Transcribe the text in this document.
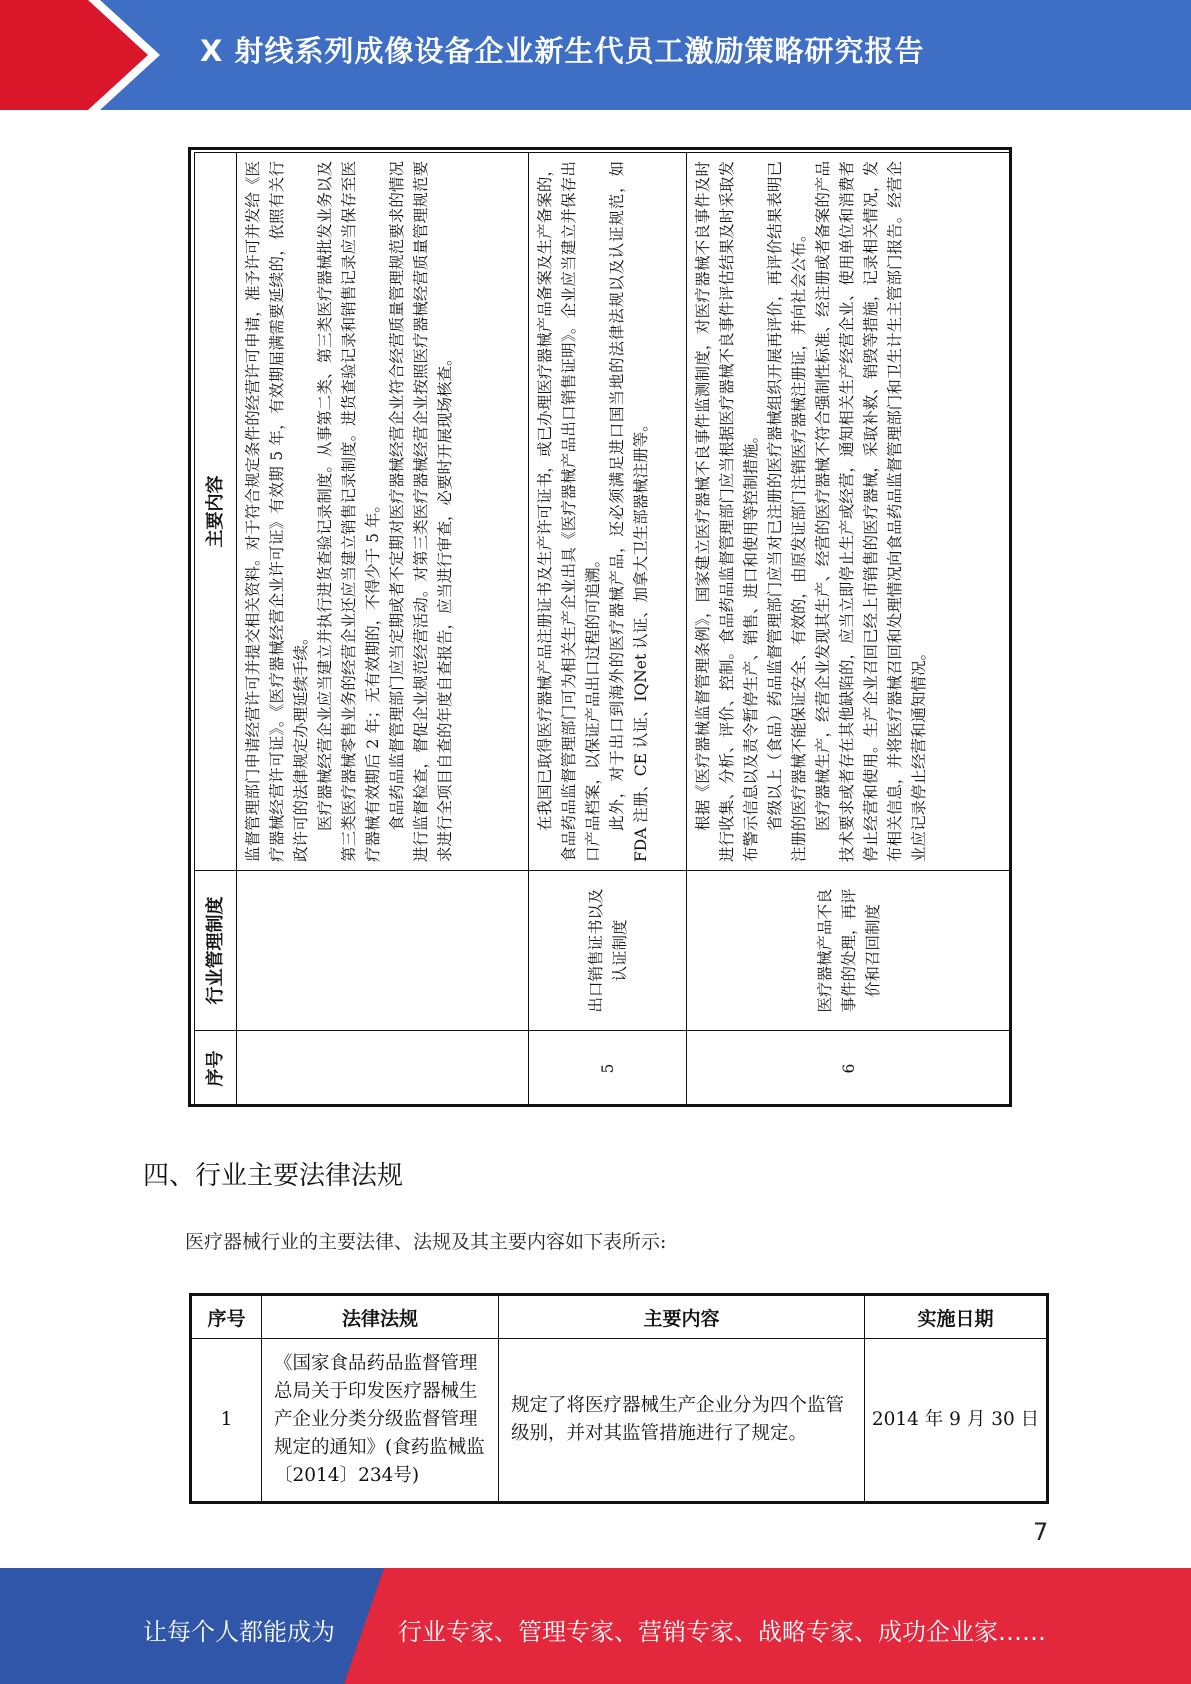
X 射线系列成像设备企业新生代员工激励策略研究报告
序号	行业管理制度	主要内容

		监督管理部门申请经营许可并提交相关资料。对于符合规定条件的经营许可申请，准予许可并发给《医疗器械经营许可证》。《医疗器械经营企业许可证》有效期 5 年，有效期届满需要延续的，依照有关行政许可的法律规定办理延续手续。 医疗器械经营企业应当建立并执行进货查验记录制度。从事第二类、第三类医疗器械批发业务以及第三类医疗器械零售业务的经营企业还应当建立销售记录制度。进货查验记录和销售记录应当保存至医疗器械有效期后 2 年；无有效期的，不得少于 5 年。 食品药品监督管理部门应当定期或者不定期对医疗器械经营企业符合经营质量管理规范要求的情况进行监督检查，督促企业规范经营活动。对第三类医疗器械经营企业按照医疗器械经营质量管理规范要求进行全项目自查的年度自查报告，应当进行审查，必要时开展现场核查。

5	出口销售证书以及认证制度	在我国已取得医疗器械产品注册证书及生产许可证书，或已办理医疗器械产品备案及生产备案的，食品药品监督管理部门可为相关生产企业出具《医疗器械产品出口销售证明》。企业应当建立并保存出口产品档案，以保证产品出口过程的可追溯。 此外，对于出口到海外的医疗器械产品，还必须满足进口国当地的法律法规以及认证规范，如 FDA 注册、CE 认证、IQNet 认证、加拿大卫生部器械注册等。

6	医疗器械产品不良事件的处理，再评价和召回制度	根据《医疗器械监督管理条例》，国家建立医疗器械不良事件监测制度，对医疗器械不良事件及时进行收集、分析、评价、控制。食品药品监督管理部门应当根据医疗器械不良事件评估结果及时采取发布警示信息以及责令暂停生产、销售、进口和使用等控制措施。 省级以上（食品）药品监督管理部门应当对已注册的医疗器械组织开展再评价，再评价结果表明已注册的医疗器械不能保证安全、有效的，由原发证部门注销医疗器械注册证，并向社会公布。 医疗器械生产，经营企业发现其生产、经营的医疗器械不符合强制性标准、经注册或者备案的产品技术要求或者存在其他缺陷的，应当立即停止生产或经营，通知相关生产经营企业、使用单位和消费者停止经营和使用。生产企业召回已经上市销售的医疗器械，采取补救、销毁等措施，记录相关情况，发布相关信息，并将医疗器械召回和处理情况向食品药品监督管理部门和卫生计生主管部门报告。经营企业应记录停止经营和通知情况。

四、行业主要法律法规
医疗器械行业的主要法律、法规及其主要内容如下表所示:
序号	法律法规	主要内容	实施日期
1	《国家食品药品监督管理总局关于印发医疗器械生产企业分类分级监督管理规定的通知》(食药监械监〔2014〕234号)	规定了将医疗器械生产企业分为四个监管级别，并对其监管措施进行了规定。	2014 年 9 月 30 日
7
让每个人都能成为	行业专家、管理专家、营销专家、战略专家、成功企业家……
